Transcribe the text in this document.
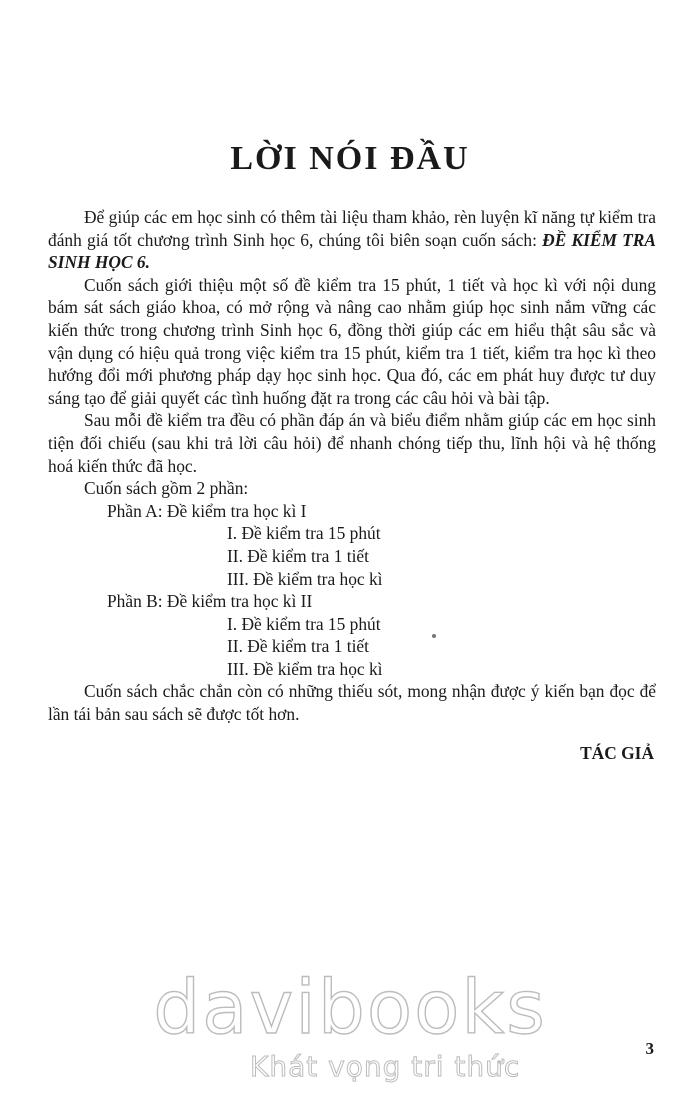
LỜI NÓI ĐẦU

Để giúp các em học sinh có thêm tài liệu tham khảo, rèn luyện kĩ năng tự kiểm tra đánh giá tốt chương trình Sinh học 6, chúng tôi biên soạn cuốn sách: ĐỀ KIỂM TRA SINH HỌC 6.

Cuốn sách giới thiệu một số đề kiểm tra 15 phút, 1 tiết và học kì với nội dung bám sát sách giáo khoa, có mở rộng và nâng cao nhằm giúp học sinh nắm vững các kiến thức trong chương trình Sinh học 6, đồng thời giúp các em hiểu thật sâu sắc và vận dụng có hiệu quả trong việc kiểm tra 15 phút, kiểm tra 1 tiết, kiểm tra học kì theo hướng đổi mới phương pháp dạy học sinh học. Qua đó, các em phát huy được tư duy sáng tạo để giải quyết các tình huống đặt ra trong các câu hỏi và bài tập.

Sau mỗi đề kiểm tra đều có phần đáp án và biểu điểm nhằm giúp các em học sinh tiện đối chiếu (sau khi trả lời câu hỏi) để nhanh chóng tiếp thu, lĩnh hội và hệ thống hoá kiến thức đã học.

Cuốn sách gồm 2 phần:

Phần A: Đề kiểm tra học kì I

I. Đề kiểm tra 15 phút

II. Đề kiểm tra 1 tiết

III. Đề kiểm tra học kì

Phần B: Đề kiểm tra học kì II

I. Đề kiểm tra 15 phút

II. Đề kiểm tra 1 tiết

III. Đề kiểm tra học kì

Cuốn sách chắc chắn còn có những thiếu sót, mong nhận được ý kiến bạn đọc để lần tái bản sau sách sẽ được tốt hơn.

TÁC GIẢ
davibooks
Khát vọng tri thức
3
